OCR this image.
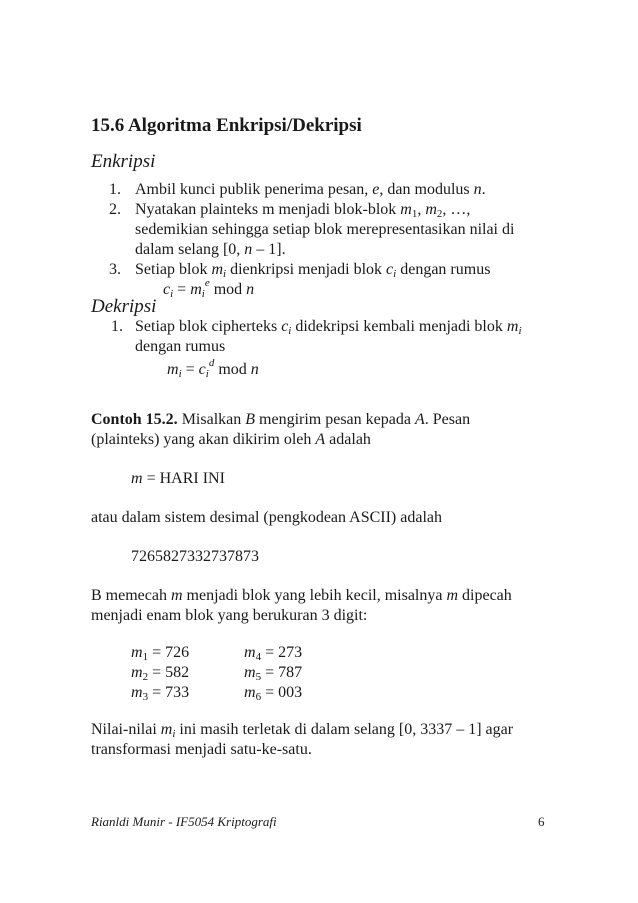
15.6 Algoritma Enkripsi/Dekripsi
Enkripsi
1. Ambil kunci publik penerima pesan, e, dan modulus n.
2. Nyatakan plainteks m menjadi blok-blok $m_1$, $m_2$, …,
sedemikian sehingga setiap blok merepresentasikan nilai di
dalam selang [0, n – 1].
3. Setiap blok $m_i$ dienkripsi menjadi blok $c_i$ dengan rumus
$c_i = m_i^e$ mod n
Dekripsi
1. Setiap blok cipherteks $c_i$ didekripsi kembali menjadi blok $m_i$
dengan rumus
$m_i = c_i^d$ mod n
Contoh 15.2. Misalkan B mengirim pesan kepada A. Pesan
(plainteks) yang akan dikirim oleh A adalah
m = HARI INI
atau dalam sistem desimal (pengkodean ASCII) adalah
7265827332737873
B memecah m menjadi blok yang lebih kecil, misalnya m dipecah
menjadi enam blok yang berukuran 3 digit:
$m_1 = 726$
$m_2 = 582$
$m_3 = 733$
$m_4 = 273$
$m_5 = 787$
$m_6 = 003$
Nilai-nilai $m_i$ ini masih terletak di dalam selang [0, 3337 – 1] agar
transformasi menjadi satu-ke-satu.
Rianldi Munir - IF5054 Kriptografi	6
